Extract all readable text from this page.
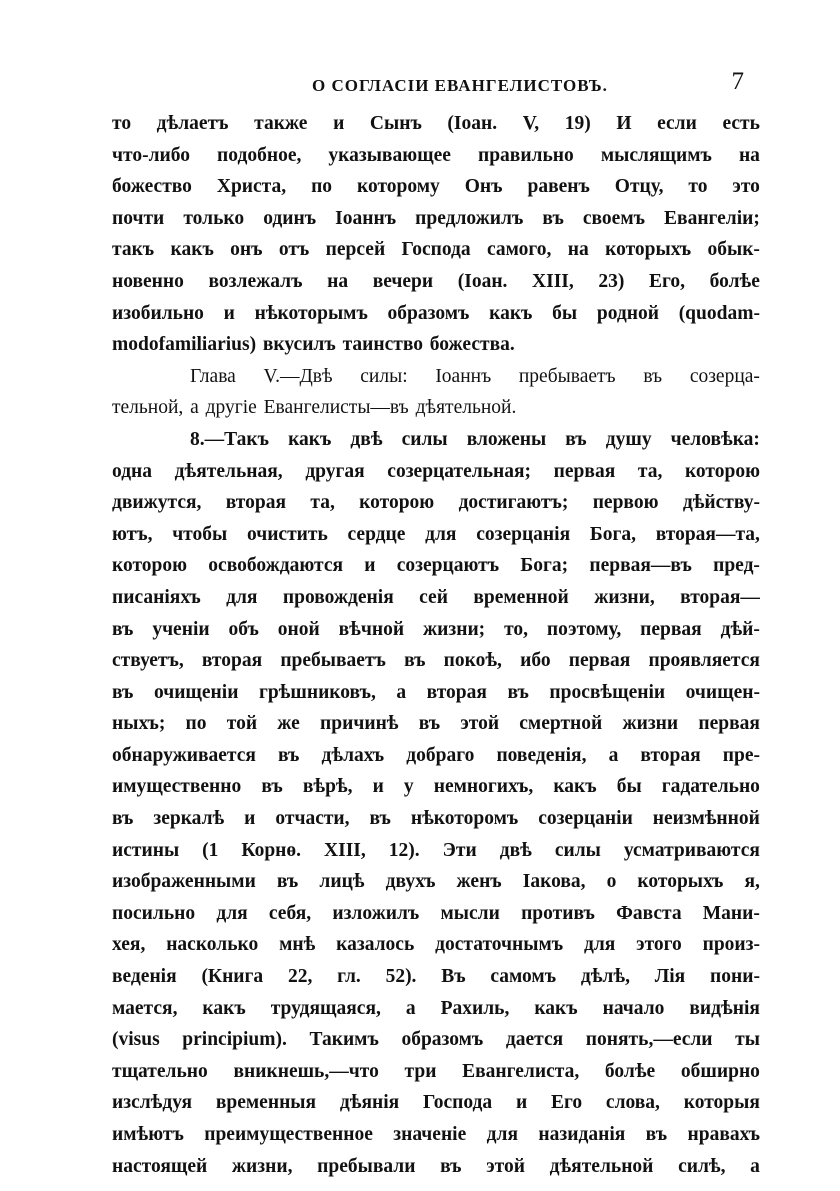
О СОГЛАСІИ ЕВАНГЕЛИСТОВЪ.	7
то дѣлаетъ также и Сынъ (Іоан. V, 19) И если есть
что-либо подобное, указывающее правильно мыслящимъ на
божество Христа, по которому Онъ равенъ Отцу, то это
почти только одинъ Іоаннъ предложилъ въ своемъ Евангеліи;
такъ какъ онъ отъ персей Господа самого, на которыхъ обык-
новенно возлежалъ на вечери (Іоан. XIII, 23) Его, болѣе
изобильно и нѣкоторымъ образомъ какъ бы родной (quodam-
modofamiliarius) вкусилъ таинство божества.
Глава V.—Двѣ силы: Іоаннъ пребываетъ въ созерца-
тельной, а другіе Евангелисты—въ дѣятельной.
8.—Такъ какъ двѣ силы вложены въ душу человѣка:
одна дѣятельная, другая созерцательная; первая та, которою
движутся, вторая та, которою достигаютъ; первою дѣйству-
ютъ, чтобы очистить сердце для созерцанія Бога, вторая—та,
которою освобождаются и созерцаютъ Бога; первая—въ пред-
писаніяхъ для провожденія сей временной жизни, вторая—
въ ученіи объ оной вѣчной жизни; то, поэтому, первая дѣй-
ствуетъ, вторая пребываетъ въ покоѣ, ибо первая проявляется
въ очищеніи грѣшниковъ, а вторая въ просвѣщеніи очищен-
ныхъ; по той же причинѣ въ этой смертной жизни первая
обнаруживается въ дѣлахъ добраго поведенія, а вторая пре-
имущественно въ вѣрѣ, и у немногихъ, какъ бы гадательно
въ зеркалѣ и отчасти, въ нѣкоторомъ созерцаніи неизмѣнной
истины (1 Корнө. XIII, 12). Эти двѣ силы усматриваются
изображенными въ лицѣ двухъ женъ Іакова, о которыхъ я,
посильно для себя, изложилъ мысли противъ Фавста Мани-
хея, насколько мнѣ казалось достаточнымъ для этого произ-
веденія (Книга 22, гл. 52). Въ самомъ дѣлѣ, Лія пони-
мается, какъ трудящаяся, а Рахиль, какъ начало видѣнія
(visus principium). Такимъ образомъ дается понять,—если ты
тщательно вникнешь,—что три Евангелиста, болѣе обширно
изслѣдуя временныя дѣянія Господа и Его слова, которыя
имѣютъ преимущественное значеніе для назиданія въ нравахъ
настоящей жизни, пребывали въ этой дѣятельной силѣ, а
